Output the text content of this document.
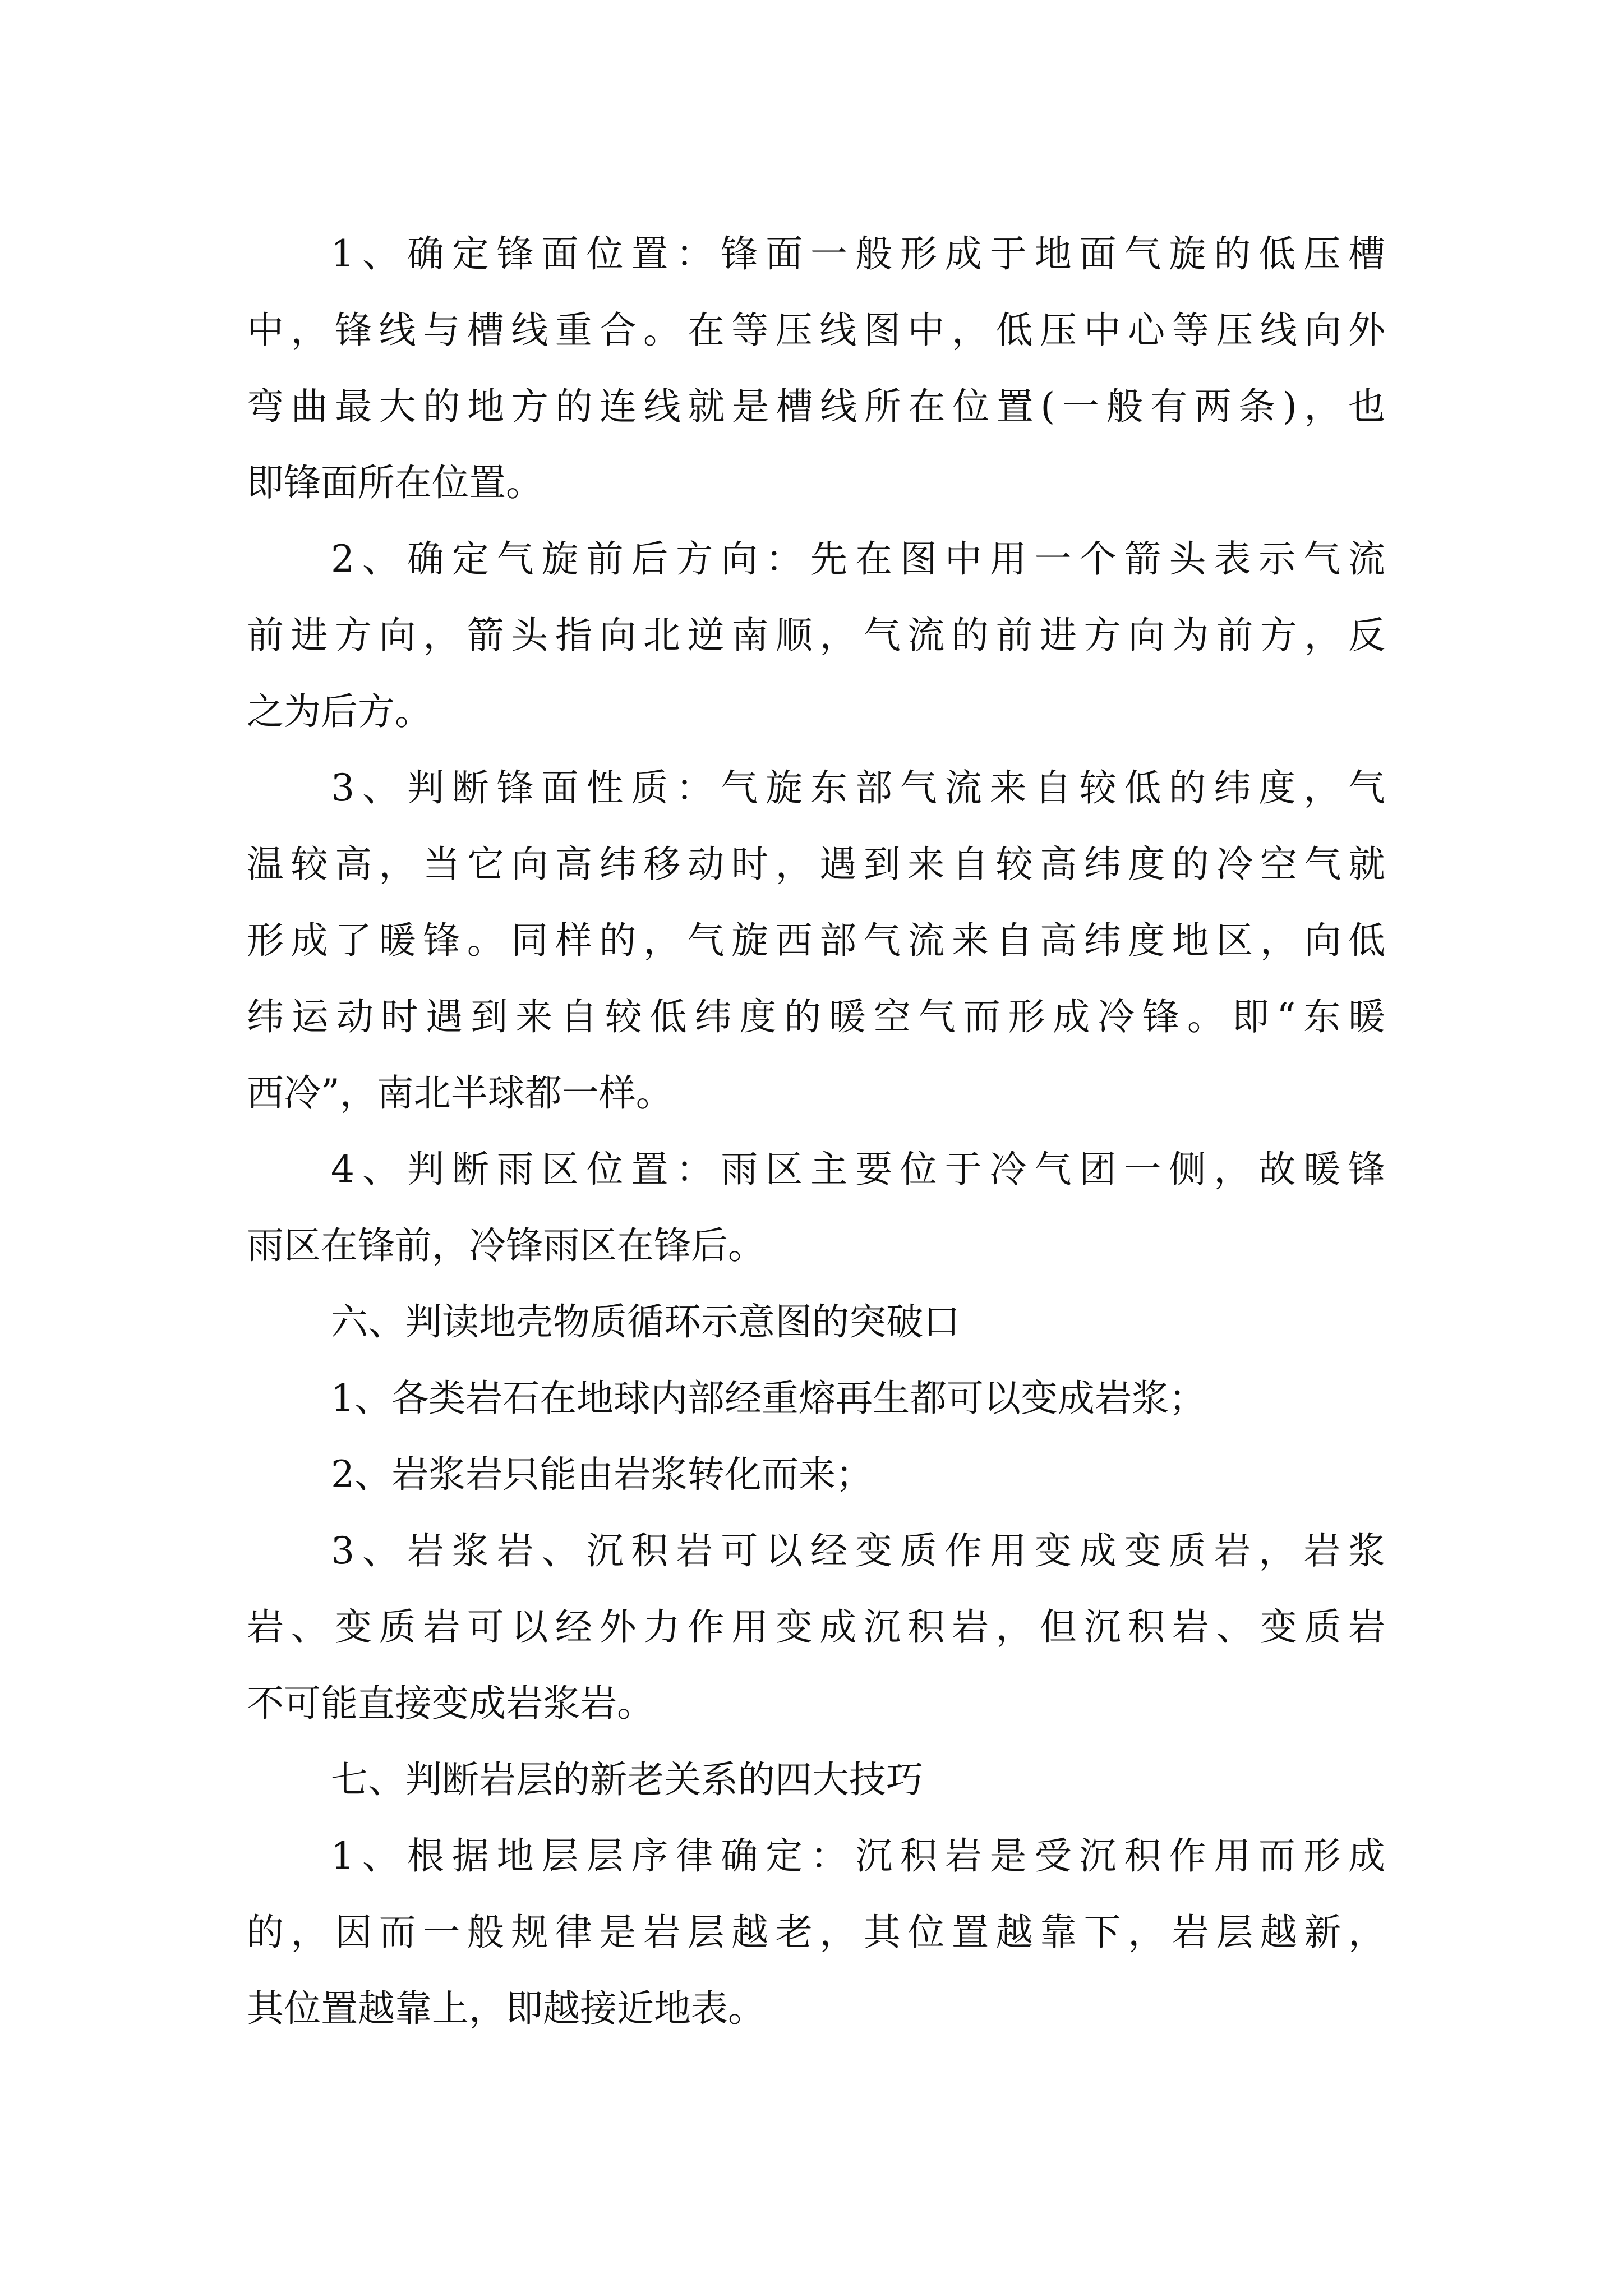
1、确定锋面位置：锋面一般形成于地面气旋的低压槽
中，锋线与槽线重合。在等压线图中，低压中心等压线向外
弯曲最大的地方的连线就是槽线所在位置(一般有两条)，也
即锋面所在位置。

2、确定气旋前后方向：先在图中用一个箭头表示气流
前进方向，箭头指向北逆南顺，气流的前进方向为前方，反
之为后方。

3、判断锋面性质：气旋东部气流来自较低的纬度，气
温较高，当它向高纬移动时，遇到来自较高纬度的冷空气就
形成了暖锋。同样的，气旋西部气流来自高纬度地区，向低
纬运动时遇到来自较低纬度的暖空气而形成冷锋。即“东暖
西冷”，南北半球都一样。

4、判断雨区位置：雨区主要位于冷气团一侧，故暖锋
雨区在锋前，冷锋雨区在锋后。

六、判读地壳物质循环示意图的突破口

1、各类岩石在地球内部经重熔再生都可以变成岩浆；

2、岩浆岩只能由岩浆转化而来；

3、岩浆岩、沉积岩可以经变质作用变成变质岩，岩浆
岩、变质岩可以经外力作用变成沉积岩，但沉积岩、变质岩
不可能直接变成岩浆岩。

七、判断岩层的新老关系的四大技巧

1、根据地层层序律确定：沉积岩是受沉积作用而形成
的，因而一般规律是岩层越老，其位置越靠下，岩层越新，
其位置越靠上，即越接近地表。
